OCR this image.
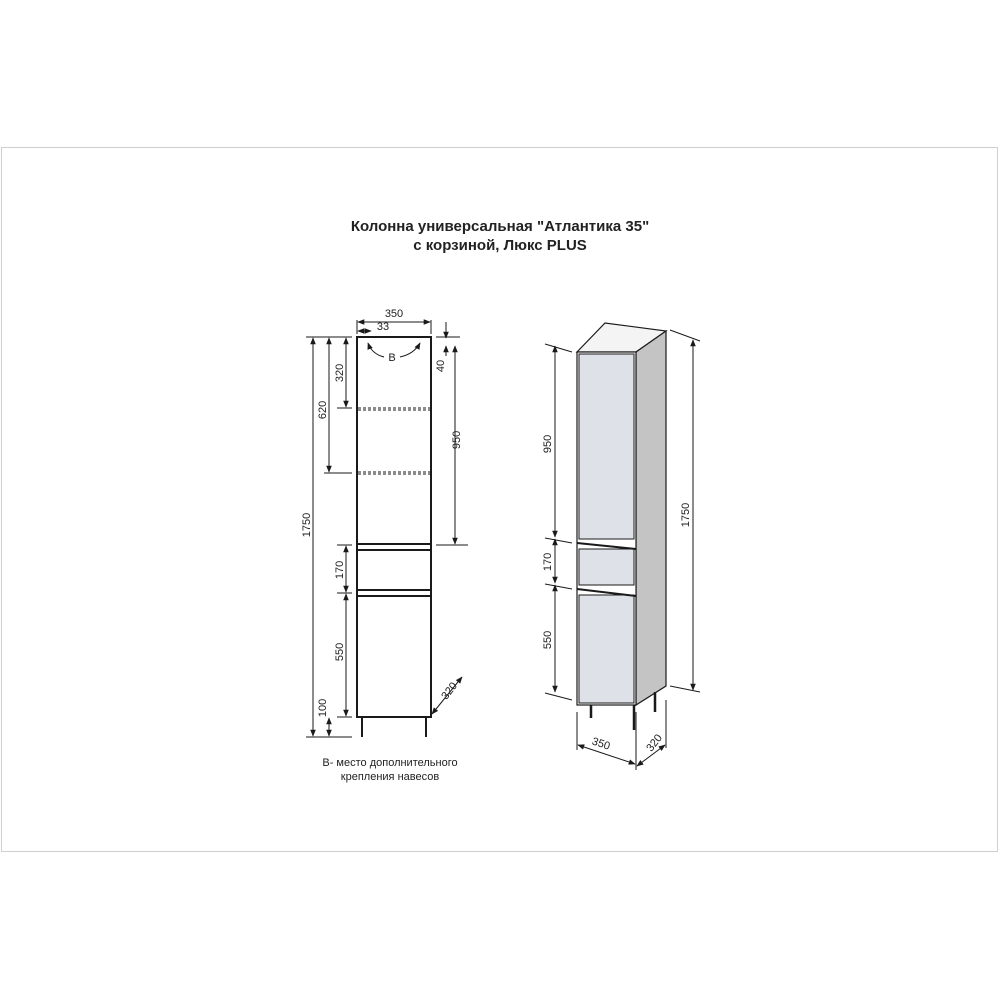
Колонна универсальная "Атлантика 35"
с корзиной, Люкс PLUS
350
33
В
40
950
320
620
1750
170
550
100
320
950
170
550
1750
350	320
В- место дополнительного
крепления навесов
